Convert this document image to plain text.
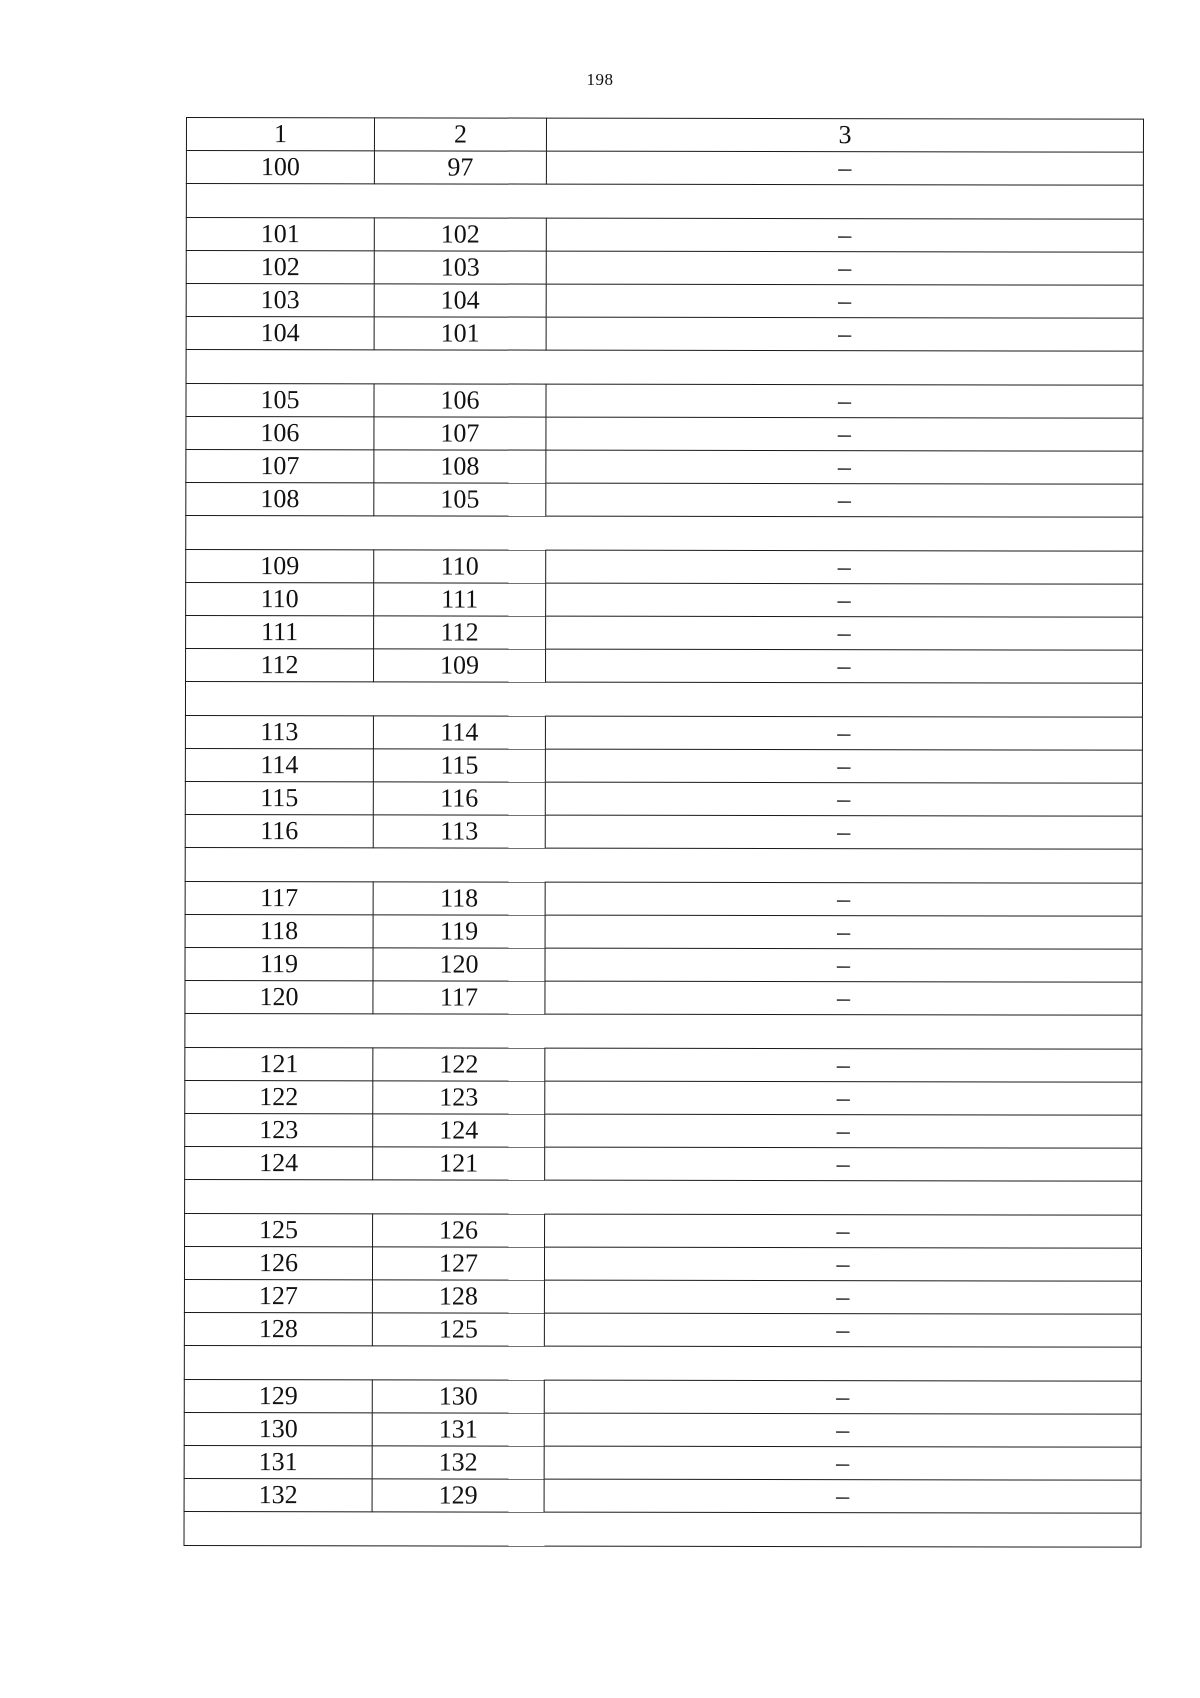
198
1	2	3
100	97	–

101	102	–
102	103	–
103	104	–
104	101	–

105	106	–
106	107	–
107	108	–
108	105	–

109	110	–
110	111	–
111	112	–
112	109	–

113	114	–
114	115	–
115	116	–
116	113	–

117	118	–
118	119	–
119	120	–
120	117	–

121	122	–
122	123	–
123	124	–
124	121	–

125	126	–
126	127	–
127	128	–
128	125	–

129	130	–
130	131	–
131	132	–
132	129	–
